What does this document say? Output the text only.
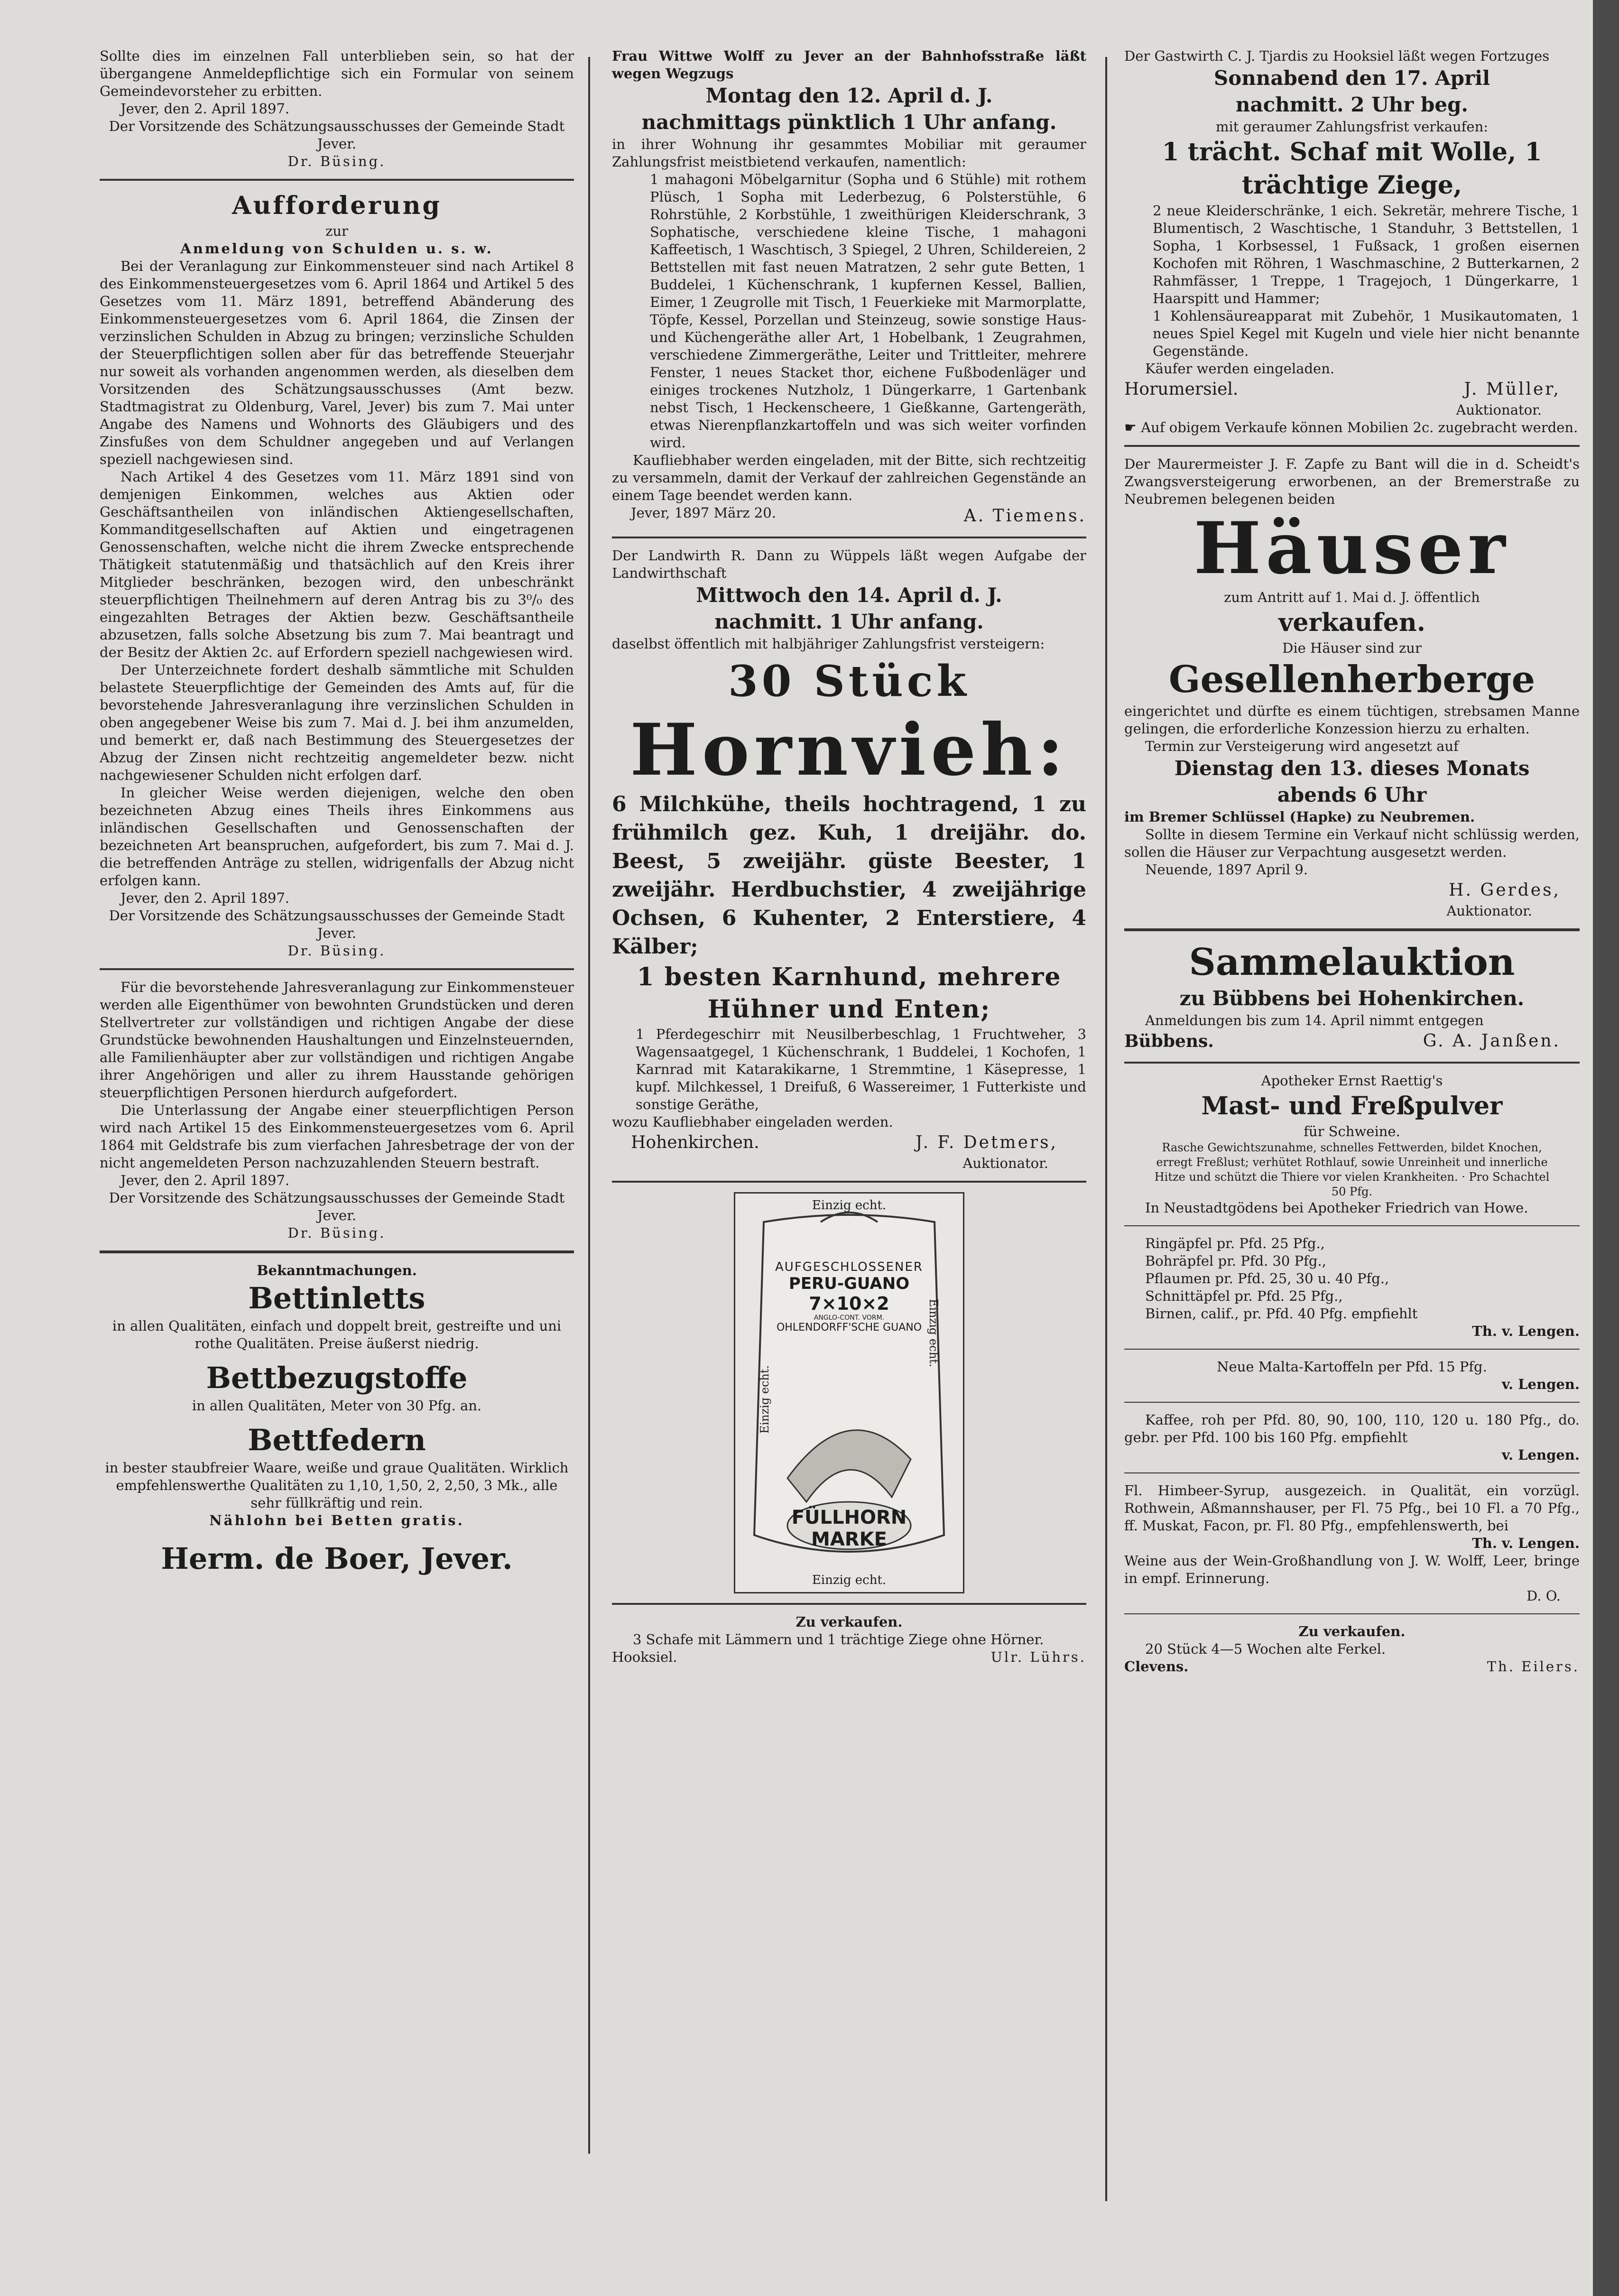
Sollte dies im einzelnen Fall unterblieben sein, so hat der übergangene Anmeldepflichtige sich ein Formular von seinem Gemeindevorsteher zu erbitten.

Jever, den 2. April 1897.

Der Vorsitzende des Schätzungsausschusses der Gemeinde Stadt Jever.

Dr. Büsing.

Aufforderung

zur

Anmeldung von Schulden u. s. w.

Bei der Veranlagung zur Einkommensteuer sind nach Artikel 8 des Einkommensteuergesetzes vom 6. April 1864 und Artikel 5 des Gesetzes vom 11. März 1891, betreffend Abänderung des Einkommensteuergesetzes vom 6. April 1864, die Zinsen der verzinslichen Schulden in Abzug zu bringen; verzinsliche Schulden der Steuerpflichtigen sollen aber für das betreffende Steuerjahr nur soweit als vorhanden angenommen werden, als dieselben dem Vorsitzenden des Schätzungsausschusses (Amt bezw. Stadtmagistrat zu Oldenburg, Varel, Jever) bis zum 7. Mai unter Angabe des Namens und Wohnorts des Gläubigers und des Zinsfußes von dem Schuldner angegeben und auf Verlangen speziell nachgewiesen sind.

Nach Artikel 4 des Gesetzes vom 11. März 1891 sind von demjenigen Einkommen, welches aus Aktien oder Geschäftsantheilen von inländischen Aktiengesellschaften, Kommanditgesellschaften auf Aktien und eingetragenen Genossenschaften, welche nicht die ihrem Zwecke entsprechende Thätigkeit statutenmäßig und thatsächlich auf den Kreis ihrer Mitglieder beschränken, bezogen wird, den unbeschränkt steuerpflichtigen Theilnehmern auf deren Antrag bis zu 3⁰/₀ des eingezahlten Betrages der Aktien bezw. Geschäftsantheile abzusetzen, falls solche Absetzung bis zum 7. Mai beantragt und der Besitz der Aktien 2c. auf Erfordern speziell nachgewiesen wird.

Der Unterzeichnete fordert deshalb sämmtliche mit Schulden belastete Steuerpflichtige der Gemeinden des Amts auf, für die bevorstehende Jahresveranlagung ihre verzinslichen Schulden in oben angegebener Weise bis zum 7. Mai d. J. bei ihm anzumelden, und bemerkt er, daß nach Bestimmung des Steuergesetzes der Abzug der Zinsen nicht rechtzeitig angemeldeter bezw. nicht nachgewiesener Schulden nicht erfolgen darf.

In gleicher Weise werden diejenigen, welche den oben bezeichneten Abzug eines Theils ihres Einkommens aus inländischen Gesellschaften und Genossenschaften der bezeichneten Art beanspruchen, aufgefordert, bis zum 7. Mai d. J. die betreffenden Anträge zu stellen, widrigenfalls der Abzug nicht erfolgen kann.

Jever, den 2. April 1897.

Der Vorsitzende des Schätzungsausschusses der Gemeinde Stadt Jever.

Dr. Büsing.

Für die bevorstehende Jahresveranlagung zur Einkommensteuer werden alle Eigenthümer von bewohnten Grundstücken und deren Stellvertreter zur vollständigen und richtigen Angabe der diese Grundstücke bewohnenden Haushaltungen und Einzelnsteuernden, alle Familienhäupter aber zur vollständigen und richtigen Angabe ihrer Angehörigen und aller zu ihrem Hausstande gehörigen steuerpflichtigen Personen hierdurch aufgefordert.

Die Unterlassung der Angabe einer steuerpflichtigen Person wird nach Artikel 15 des Einkommensteuergesetzes vom 6. April 1864 mit Geldstrafe bis zum vierfachen Jahresbetrage der von der nicht angemeldeten Person nachzuzahlenden Steuern bestraft.

Jever, den 2. April 1897.

Der Vorsitzende des Schätzungsausschusses der Gemeinde Stadt Jever.

Dr. Büsing.

Bekanntmachungen.

Bettinletts

in allen Qualitäten, einfach und doppelt breit, gestreifte und uni rothe Qualitäten. Preise äußerst niedrig.

Bettbezugstoffe

in allen Qualitäten, Meter von 30 Pfg. an.

Bettfedern

in bester staubfreier Waare, weiße und graue Qualitäten. Wirklich empfehlenswerthe Qualitäten zu 1,10, 1,50, 2, 2,50, 3 Mk., alle sehr füllkräftig und rein.

Nählohn bei Betten gratis.

Herm. de Boer, Jever.

Frau Wittwe Wolff zu Jever an der Bahnhofsstraße läßt wegen Wegzugs

Montag den 12. April d. J.

nachmittags pünktlich 1 Uhr anfang.

in ihrer Wohnung ihr gesammtes Mobiliar mit geraumer Zahlungsfrist meistbietend verkaufen, namentlich:

1 mahagoni Möbelgarnitur (Sopha und 6 Stühle) mit rothem Plüsch, 1 Sopha mit Lederbezug, 6 Polsterstühle, 6 Rohrstühle, 2 Korbstühle, 1 zweithürigen Kleiderschrank, 3 Sophatische, verschiedene kleine Tische, 1 mahagoni Kaffeetisch, 1 Waschtisch, 3 Spiegel, 2 Uhren, Schildereien, 2 Bettstellen mit fast neuen Matratzen, 2 sehr gute Betten, 1 Buddelei, 1 Küchenschrank, 1 kupfernen Kessel, Ballien, Eimer, 1 Zeugrolle mit Tisch, 1 Feuerkieke mit Marmorplatte, Töpfe, Kessel, Porzellan und Steinzeug, sowie sonstige Haus- und Küchengeräthe aller Art, 1 Hobelbank, 1 Zeugrahmen, verschiedene Zimmergeräthe, Leiter und Trittleiter, mehrere Fenster, 1 neues Stacket thor, eichene Fußbodenläger und einiges trockenes Nutzholz, 1 Düngerkarre, 1 Gartenbank nebst Tisch, 1 Heckenscheere, 1 Gießkanne, Gartengeräth, etwas Nierenpflanzkartoffeln und was sich weiter vorfinden wird.

Kaufliebhaber werden eingeladen, mit der Bitte, sich rechtzeitig zu versammeln, damit der Verkauf der zahlreichen Gegenstände an einem Tage beendet werden kann.

Jever, 1897 März 20.	A. Tiemens.

Der Landwirth R. Dann zu Wüppels läßt wegen Aufgabe der Landwirthschaft

Mittwoch den 14. April d. J.

nachmitt. 1 Uhr anfang.

daselbst öffentlich mit halbjähriger Zahlungsfrist versteigern:

30 Stück

Hornvieh:

6 Milchkühe, theils hochtragend, 1 zu frühmilch gez. Kuh, 1 dreijähr. do. Beest, 5 zweijähr. güste Beester, 1 zweijähr. Herdbuchstier, 4 zweijährige Ochsen, 6 Kuhenter, 2 Enterstiere, 4 Kälber;

1 besten Karnhund, mehrere Hühner und Enten;

1 Pferdegeschirr mit Neusilberbeschlag, 1 Fruchtweher, 3 Wagensaatgegel, 1 Küchenschrank, 1 Buddelei, 1 Kochofen, 1 Karnrad mit Katarakikarne, 1 Stremmtine, 1 Käsepresse, 1 kupf. Milchkessel, 1 Dreifuß, 6 Wassereimer, 1 Futterkiste und sonstige Geräthe,

wozu Kaufliebhaber eingeladen werden.

Hohenkirchen.	J. F. Detmers,

Auktionator.

Einzig echt.
AUFGESCHLOSSENER
PERU-GUANO
7×10×2
ANGLO-CONT. VORM.
OHLENDORFF'SCHE GUANO
Einzig echt.
Einzig echt.
FÜLLHORN
MARKE
Einzig echt.

Zu verkaufen.

3 Schafe mit Lämmern und 1 trächtige Ziege ohne Hörner.

Hooksiel.	Ulr. Lührs.

Der Gastwirth C. J. Tjardis zu Hooksiel läßt wegen Fortzuges

Sonnabend den 17. April

nachmitt. 2 Uhr beg.

mit geraumer Zahlungsfrist verkaufen:

1 trächt. Schaf mit Wolle, 1 trächtige Ziege,

2 neue Kleiderschränke, 1 eich. Sekretär, mehrere Tische, 1 Blumentisch, 2 Waschtische, 1 Standuhr, 3 Bettstellen, 1 Sopha, 1 Korbsessel, 1 Fußsack, 1 großen eisernen Kochofen mit Röhren, 1 Waschmaschine, 2 Butterkarnen, 2 Rahmfässer, 1 Treppe, 1 Tragejoch, 1 Düngerkarre, 1 Haarspitt und Hammer;

1 Kohlensäureapparat mit Zubehör, 1 Musikautomaten, 1 neues Spiel Kegel mit Kugeln und viele hier nicht benannte Gegenstände.

Käufer werden eingeladen.

Horumersiel.	J. Müller,

Auktionator.

☛ Auf obigem Verkaufe können Mobilien 2c. zugebracht werden.

Der Maurermeister J. F. Zapfe zu Bant will die in d. Scheidt's Zwangsversteigerung erworbenen, an der Bremerstraße zu Neubremen belegenen beiden

Häuser

zum Antritt auf 1. Mai d. J. öffentlich

verkaufen.

Die Häuser sind zur

Gesellenherberge

eingerichtet und dürfte es einem tüchtigen, strebsamen Manne gelingen, die erforderliche Konzession hierzu zu erhalten.

Termin zur Versteigerung wird angesetzt auf

Dienstag den 13. dieses Monats

abends 6 Uhr

im Bremer Schlüssel (Hapke) zu Neubremen.

Sollte in diesem Termine ein Verkauf nicht schlüssig werden, sollen die Häuser zur Verpachtung ausgesetzt werden.

Neuende, 1897 April 9.

H. Gerdes,

Auktionator.

Sammelauktion

zu Bübbens bei Hohenkirchen.

Anmeldungen bis zum 14. April nimmt entgegen

Bübbens.	G. A. Janßen.

Apotheker Ernst Raettig's

Mast- und Freßpulver

für Schweine.

Rasche Gewichtszunahme, schnelles Fettwerden, bildet Knochen, erregt Freßlust; verhütet Rothlauf, sowie Unreinheit und innerliche Hitze und schützt die Thiere vor vielen Krankheiten. · Pro Schachtel 50 Pfg.

In Neustadtgödens bei Apotheker Friedrich van Howe.

Ringäpfel pr. Pfd. 25 Pfg.,

Bohräpfel pr. Pfd. 30 Pfg.,

Pflaumen pr. Pfd. 25, 30 u. 40 Pfg.,

Schnittäpfel pr. Pfd. 25 Pfg.,

Birnen, calif., pr. Pfd. 40 Pfg. empfiehlt

Th. v. Lengen.

Neue Malta-Kartoffeln per Pfd. 15 Pfg.

v. Lengen.

Kaffee, roh per Pfd. 80, 90, 100, 110, 120 u. 180 Pfg., do. gebr. per Pfd. 100 bis 160 Pfg. empfiehlt

v. Lengen.

Fl. Himbeer-Syrup, ausgezeich. in Qualität, ein vorzügl. Rothwein, Aßmannshauser, per Fl. 75 Pfg., bei 10 Fl. a 70 Pfg., ff. Muskat, Facon, pr. Fl. 80 Pfg., empfehlenswerth, bei

Th. v. Lengen.

Weine aus der Wein-Großhandlung von J. W. Wolff, Leer, bringe in empf. Erinnerung.

D. O.

Zu verkaufen.

20 Stück 4—5 Wochen alte Ferkel.

Clevens.	Th. Eilers.
